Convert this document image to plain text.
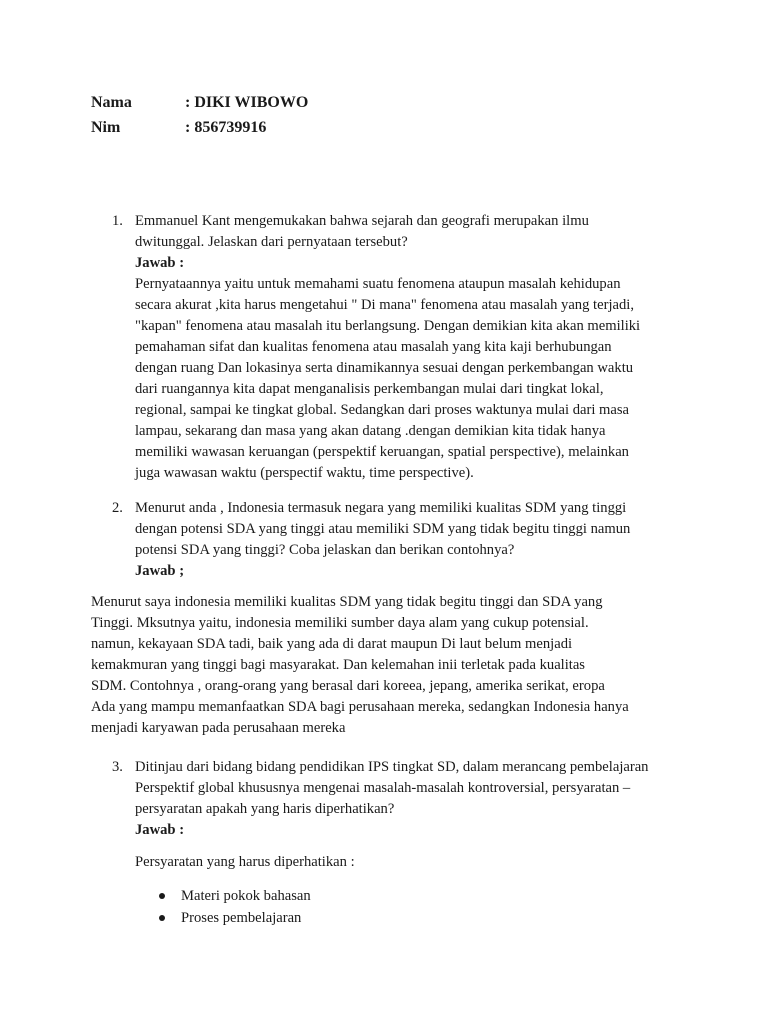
Nama	: DIKI WIBOWO
Nim	: 856739916
1. Emmanuel Kant mengemukakan bahwa sejarah dan geografi merupakan ilmu
dwitunggal. Jelaskan dari pernyataan tersebut?
Jawab :
Pernyataannya yaitu untuk memahami suatu fenomena ataupun masalah kehidupan
secara akurat ,kita harus mengetahui " Di mana" fenomena atau masalah yang terjadi,
"kapan" fenomena atau masalah itu berlangsung. Dengan demikian kita akan memiliki
pemahaman sifat dan kualitas fenomena atau masalah yang kita kaji berhubungan
dengan ruang Dan lokasinya serta dinamikannya sesuai dengan perkembangan waktu
dari ruangannya kita dapat menganalisis perkembangan mulai dari tingkat lokal,
regional, sampai ke tingkat global. Sedangkan dari proses waktunya mulai dari masa
lampau, sekarang dan masa yang akan datang .dengan demikian kita tidak hanya
memiliki wawasan keruangan (perspektif keruangan, spatial perspective), melainkan
juga wawasan waktu (perspectif waktu, time perspective).
2. Menurut anda , Indonesia termasuk negara yang memiliki kualitas SDM yang tinggi
dengan potensi SDA yang tinggi atau memiliki SDM yang tidak begitu tinggi namun
potensi SDA yang tinggi? Coba jelaskan dan berikan contohnya?
Jawab ;
Menurut saya indonesia memiliki kualitas SDM yang tidak begitu tinggi dan SDA yang
Tinggi. Mksutnya yaitu, indonesia memiliki sumber daya alam yang cukup potensial.
namun, kekayaan SDA tadi, baik yang ada di darat maupun Di laut belum menjadi
kemakmuran yang tinggi bagi masyarakat. Dan kelemahan inii terletak pada kualitas
SDM. Contohnya , orang-orang yang berasal dari koreea, jepang, amerika serikat, eropa
Ada yang mampu memanfaatkan SDA bagi perusahaan mereka, sedangkan Indonesia hanya
menjadi karyawan pada perusahaan mereka
3. Ditinjau dari bidang bidang pendidikan IPS tingkat SD, dalam merancang pembelajaran
Perspektif global khususnya mengenai masalah-masalah kontroversial, persyaratan –
persyaratan apakah yang haris diperhatikan?
Jawab :
Persyaratan yang harus diperhatikan :
Materi pokok bahasan
Proses pembelajaran
